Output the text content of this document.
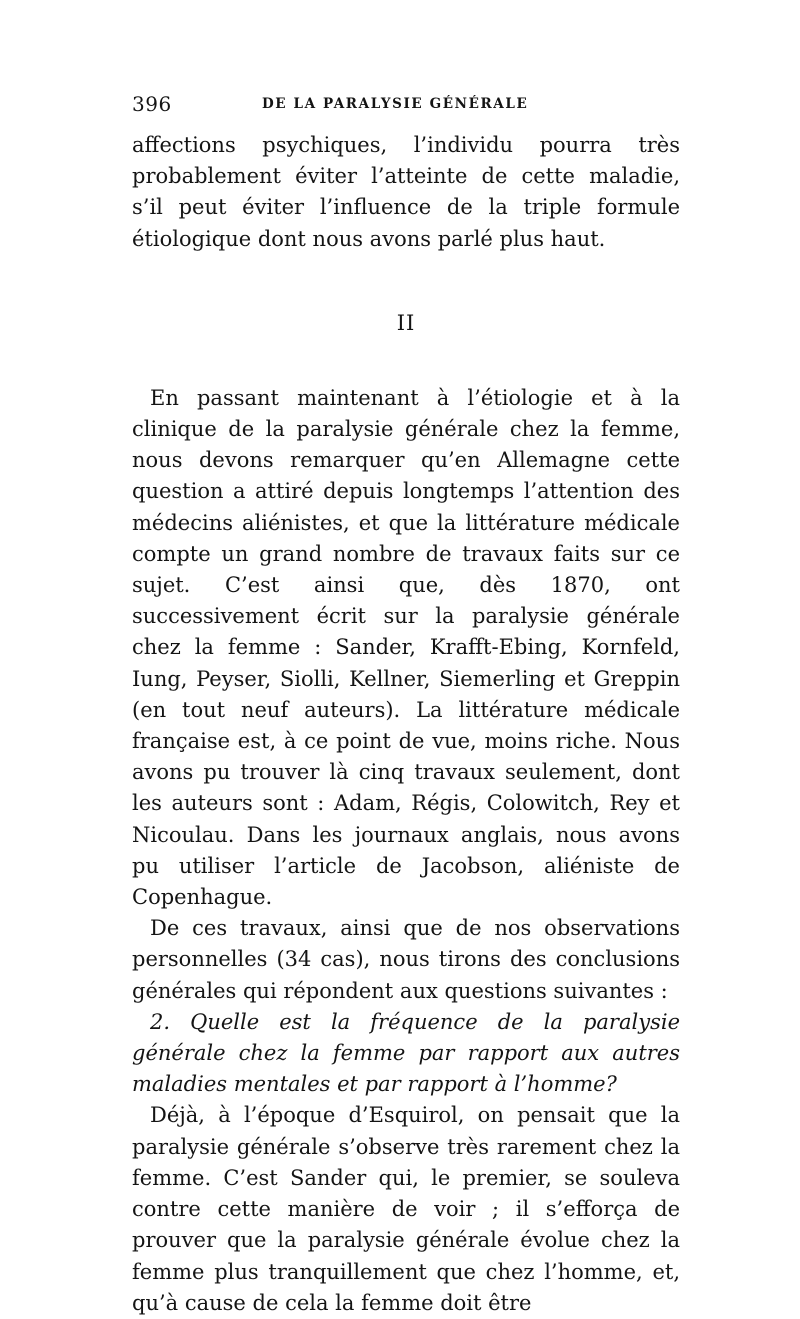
396	DE LA PARALYSIE GÉNÉRALE

affections psychiques, l’individu pourra très probablement éviter l’atteinte de cette maladie, s’il peut éviter l’influence de la triple formule étiologique dont nous avons parlé plus haut.

II

En passant maintenant à l’étiologie et à la clinique de la paralysie générale chez la femme, nous devons remarquer qu’en Allemagne cette question a attiré depuis longtemps l’attention des médecins aliénistes, et que la littérature médicale compte un grand nombre de travaux faits sur ce sujet. C’est ainsi que, dès 1870, ont successivement écrit sur la paralysie générale chez la femme : Sander, Krafft-Ebing, Kornfeld, Iung, Peyser, Siolli, Kellner, Siemerling et Greppin (en tout neuf auteurs). La littérature médicale française est, à ce point de vue, moins riche. Nous avons pu trouver là cinq travaux seulement, dont les auteurs sont : Adam, Régis, Colowitch, Rey et Nicoulau. Dans les journaux anglais, nous avons pu utiliser l’article de Jacobson, aliéniste de Copenhague.

De ces travaux, ainsi que de nos observations personnelles (34 cas), nous tirons des conclusions générales qui répondent aux questions suivantes :

2. Quelle est la fréquence de la paralysie générale chez la femme par rapport aux autres maladies mentales et par rapport à l’homme?

Déjà, à l’époque d’Esquirol, on pensait que la paralysie générale s’observe très rarement chez la femme. C’est Sander qui, le premier, se souleva contre cette manière de voir ; il s’efforça de prouver que la paralysie générale évolue chez la femme plus tranquillement que chez l’homme, et, qu’à cause de cela la femme doit être
